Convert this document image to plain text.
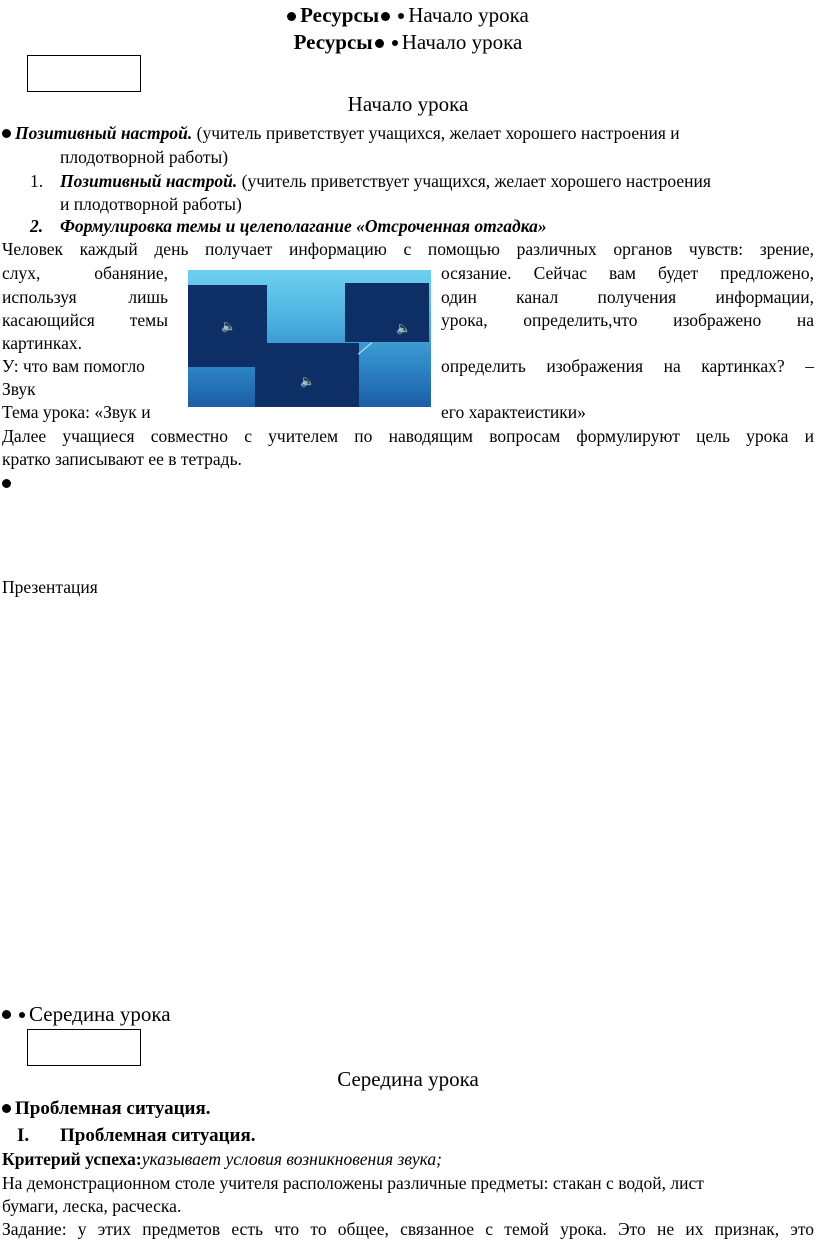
Ресурсы Начало урока
Ресурсы Начало урока
Начало урока
Позитивный настрой. (учитель приветствует учащихся, желает хорошего настроения и
плодотворной работы)
1. Позитивный настрой. (учитель приветствует учащихся, желает хорошего настроения
и плодотворной работы)
2. Формулировка темы и целеполагание «Отсроченная отгадка»
Человек каждый день получает информацию с помощью различных органов чувств: зрение,
слух, обаняние,	осязание. Сейчас вам будет предложено,
используя лишь	один канал получения информации,
касающийся темы	урока, определить,что изображено на
картинках.
У: что вам помогло	определить изображения на картинках? –
Звук
Тема урока: «Звук и	его характеистики»
🔈	🔈
🔈
Далее учащиеся совместно с учителем по наводящим вопросам формулируют цель урока и
кратко записывают ее в тетрадь.
Презентация
Середина урока
Середина урока
Проблемная ситуация.
I. Проблемная ситуация.
Критерий успеха:указывает условия возникновения звука;
На демонстрационном столе учителя расположены различные предметы: стакан с водой, лист
бумаги, леска, расческа.
Задание: у этих предметов есть что то общее, связанное с темой урока. Это не их признак, это
